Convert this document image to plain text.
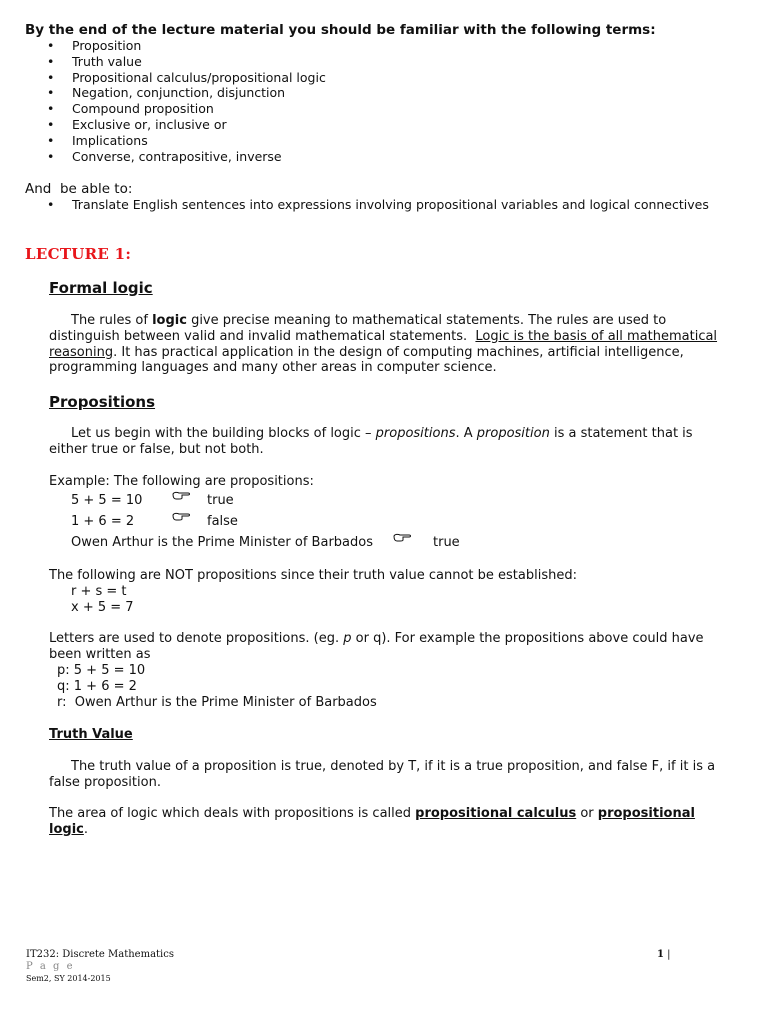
By the end of the lecture material you should be familiar with the following terms:
• Proposition
• Truth value
• Propositional calculus/propositional logic
• Negation, conjunction, disjunction
• Compound proposition
• Exclusive or, inclusive or
• Implications
• Converse, contrapositive, inverse
And  be able to:
• Translate English sentences into expressions involving propositional variables and logical connectives
LECTURE 1:
Formal logic
The rules of logic give precise meaning to mathematical statements. The rules are used to distinguish between valid and invalid mathematical statements.  Logic is the basis of all mathematical reasoning. It has practical application in the design of computing machines, artificial intelligence, programming languages and many other areas in computer science.
Propositions
Let us begin with the building blocks of logic – propositions. A proposition is a statement that is either true or false, but not both.
Example: The following are propositions:
5 + 5 = 10	true
1 + 6 = 2	false
Owen Arthur is the Prime Minister of Barbados	true
The following are NOT propositions since their truth value cannot be established:
r + s = t
x + 5 = 7
Letters are used to denote propositions. (eg. p or q). For example the propositions above could have been written as
p: 5 + 5 = 10
q: 1 + 6 = 2
r:  Owen Arthur is the Prime Minister of Barbados
Truth Value
The truth value of a proposition is true, denoted by T, if it is a true proposition, and false F, if it is a false proposition.
The area of logic which deals with propositions is called propositional calculus or propositional logic.
IT232: Discrete Mathematics
P a g e
Sem2, SY 2014-2015
1 |
